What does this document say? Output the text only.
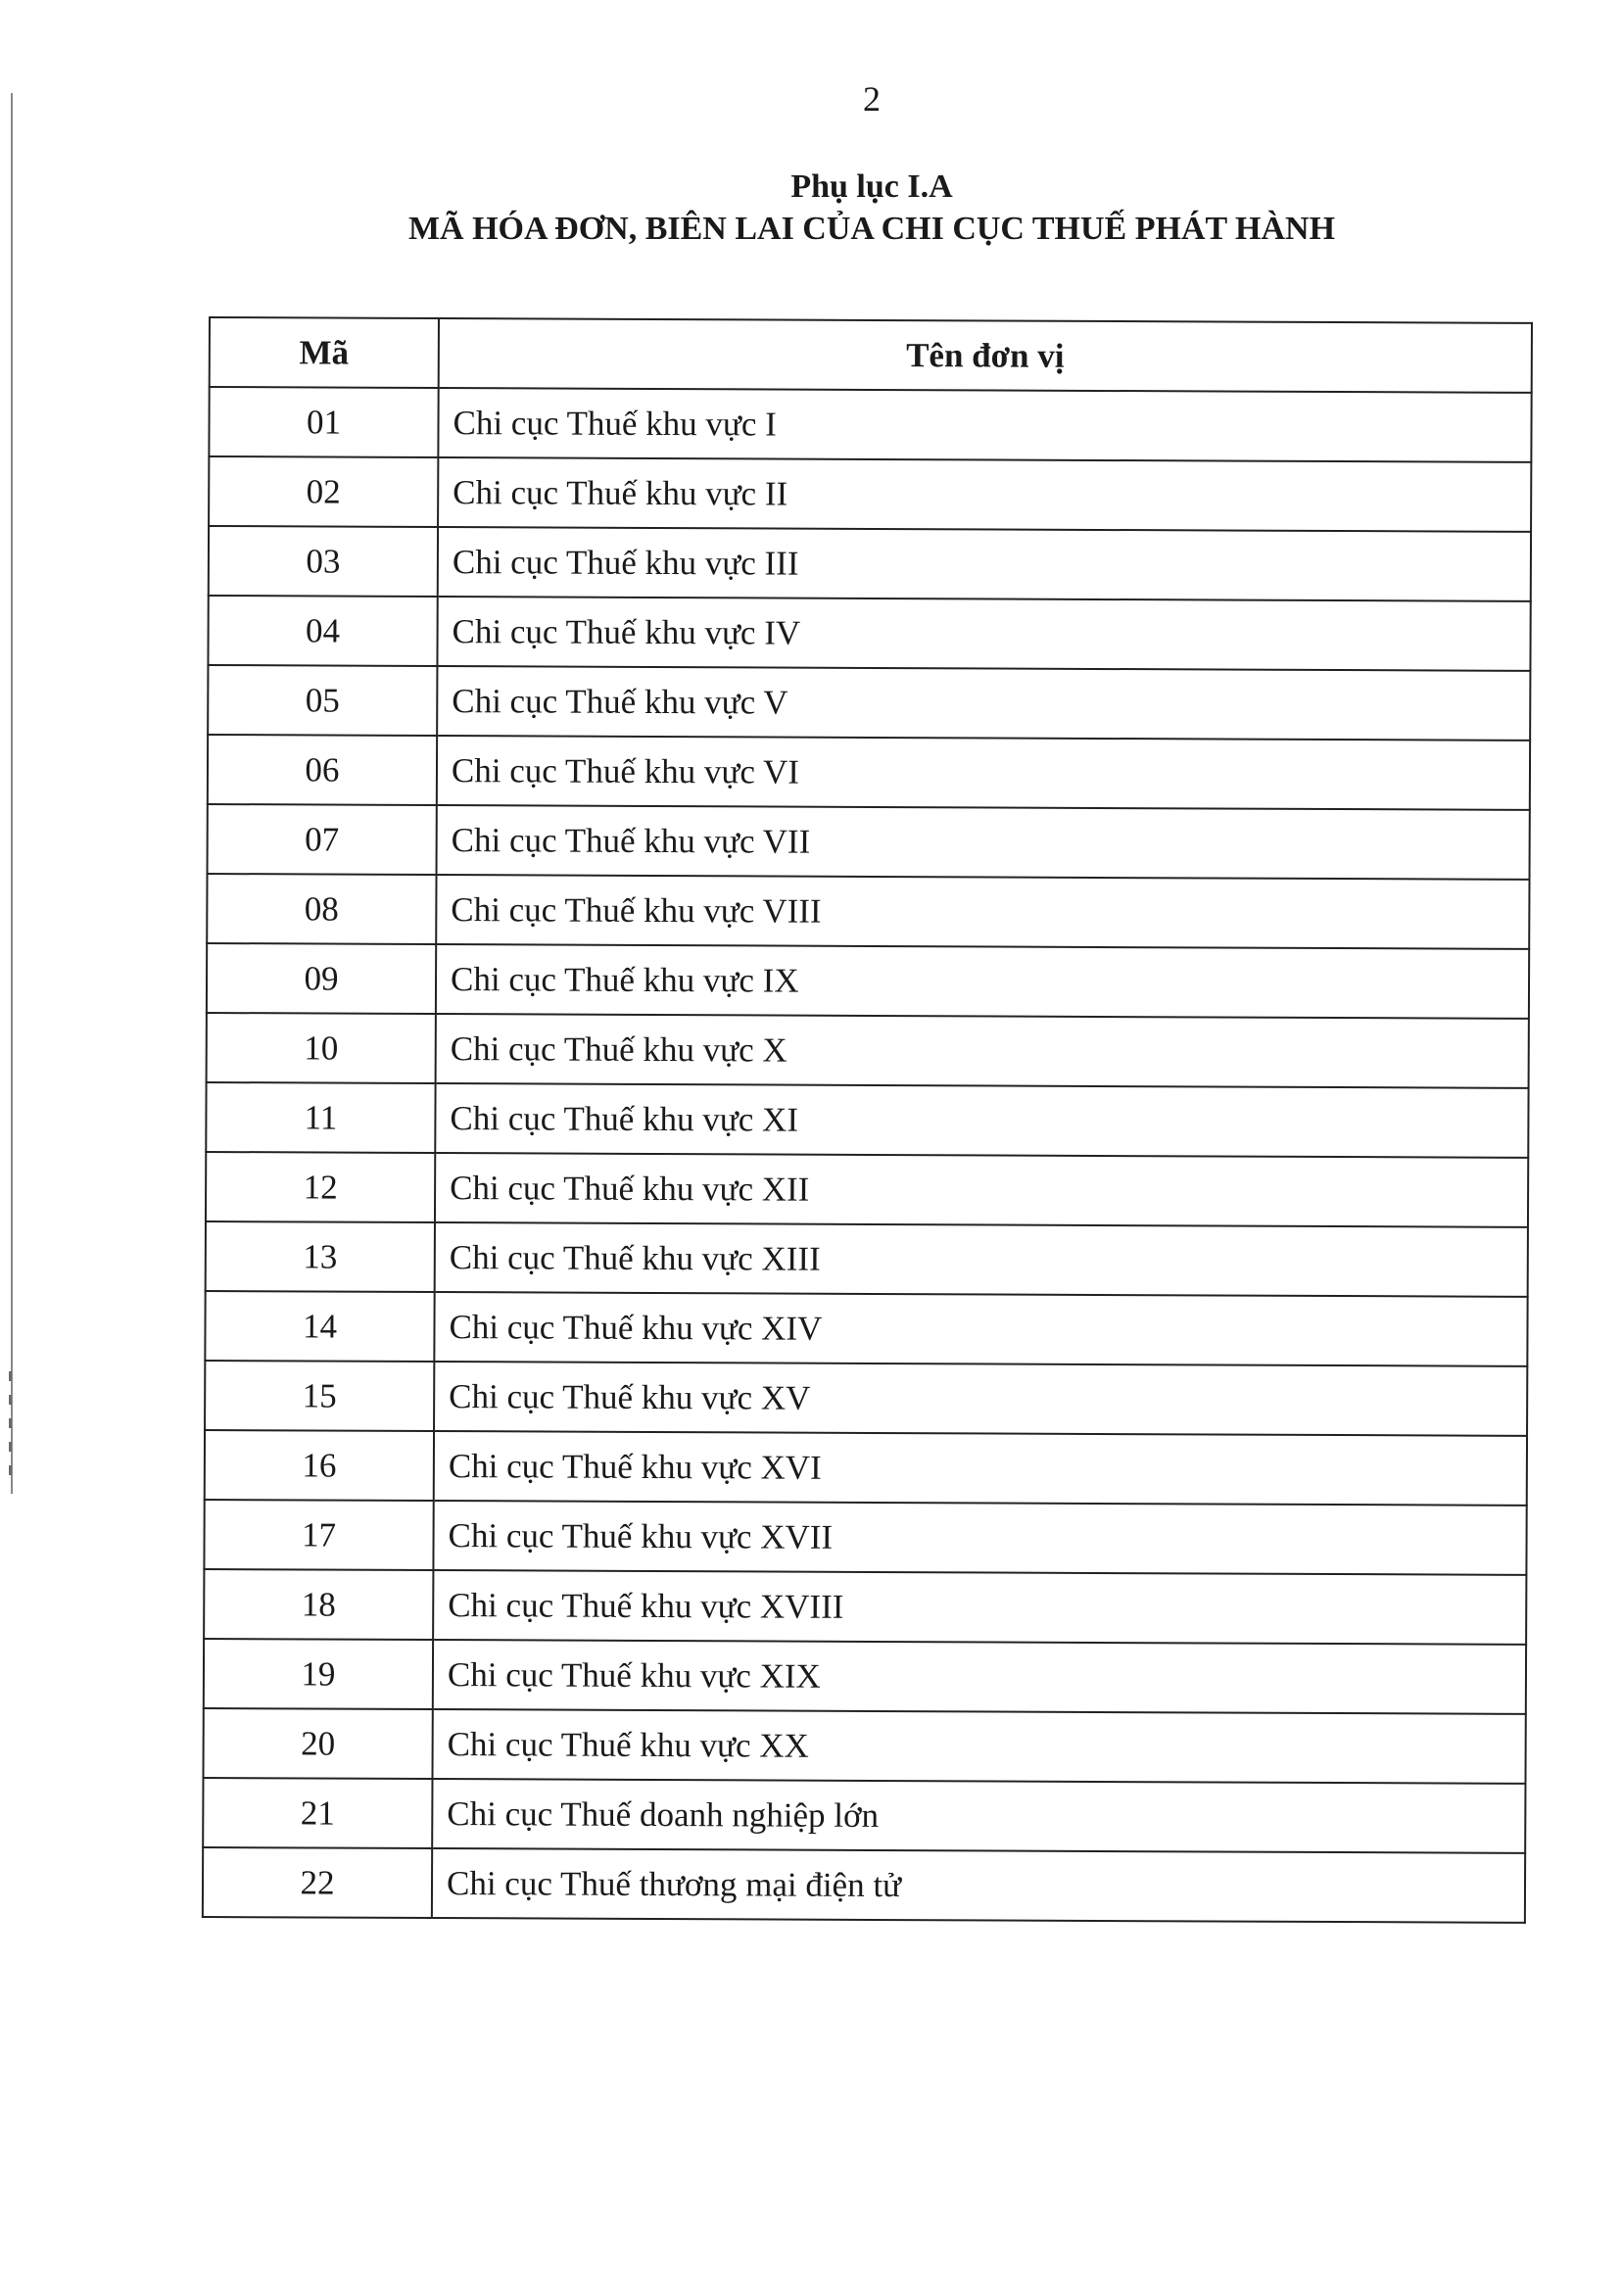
2
Phụ lục I.A
MÃ HÓA ĐƠN, BIÊN LAI CỦA CHI CỤC THUẾ PHÁT HÀNH
Mã	Tên đơn vị
01	Chi cục Thuế khu vực I
02	Chi cục Thuế khu vực II
03	Chi cục Thuế khu vực III
04	Chi cục Thuế khu vực IV
05	Chi cục Thuế khu vực V
06	Chi cục Thuế khu vực VI
07	Chi cục Thuế khu vực VII
08	Chi cục Thuế khu vực VIII
09	Chi cục Thuế khu vực IX
10	Chi cục Thuế khu vực X
11	Chi cục Thuế khu vực XI
12	Chi cục Thuế khu vực XII
13	Chi cục Thuế khu vực XIII
14	Chi cục Thuế khu vực XIV
15	Chi cục Thuế khu vực XV
16	Chi cục Thuế khu vực XVI
17	Chi cục Thuế khu vực XVII
18	Chi cục Thuế khu vực XVIII
19	Chi cục Thuế khu vực XIX
20	Chi cục Thuế khu vực XX
21	Chi cục Thuế doanh nghiệp lớn
22	Chi cục Thuế thương mại điện tử
